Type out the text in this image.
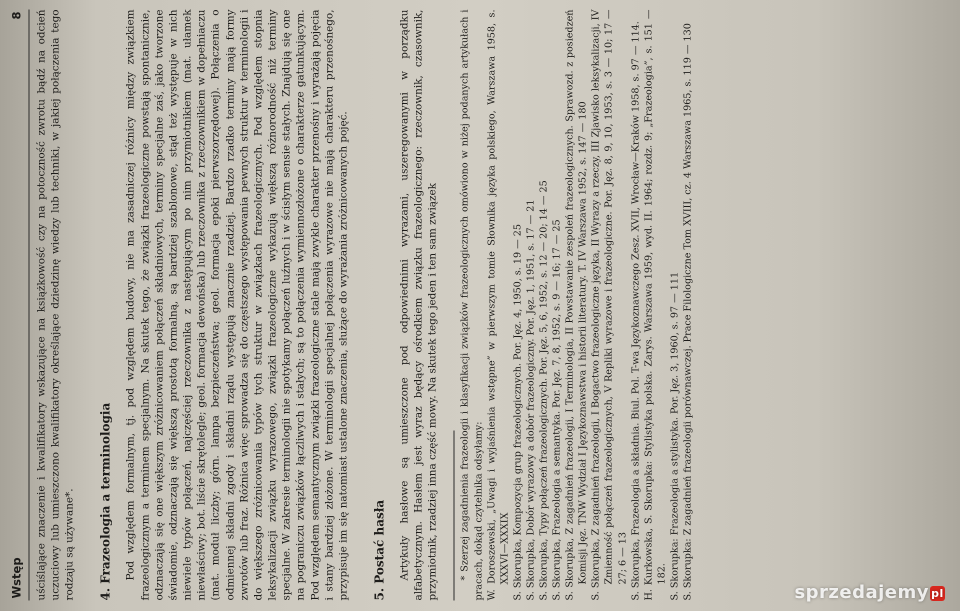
Wstęp
8 uściślające znaczenie i kwalifikatory wskazujące na książkowość czy na potoczność zwrotu bądź na odcień uczuciowy lub umieszczono kwalifikatory określające dziedzinę wiedzy lub techniki, w jakiej połączenia tego rodzaju są używane*. 4. Frazeologia a terminologia Pod względem formalnym, tj. pod względem budowy, nie ma zasadniczej różnicy między związkiem frazeologicznym a terminem specjalnym. Na skutek tego, że związki frazeologiczne powstają spontanicznie, odznaczają się one większym zróżnicowaniem połączeń składniowych, terminy specjalne zaś, jako tworzone świadomie, odznaczają się większą prostotą formalną, są bardziej szablonowe, stąd też występuje w nich niewiele typów połączeń, najczęściej rzeczownika z następującym po nim przymiotnikiem (mat. ułamek niewłaściwy; bot. liście skrętolegle; geol. formacja dewońska) lub rzeczownika z rzeczownikiem w dopełniaczu (mat. moduł liczby; górn. lampa bezpieczeństwa; geol. formacja epoki pierwszorzędowej). Połączenia o odmiennej składni zgody i składni rządu występują znacznie rzadziej. Bardzo rzadko terminy mają formy zwrotów lub fraz. Różnica więc sprowadza się do częstszego występowania pewnych struktur w terminologii i do większego zróżnicowania typów tych struktur w związkach frazeologicznych. Pod względem stopnia leksykalizacji związku wyrazowego, związki frazeologiczne wykazują większą różnorodność niż terminy specjalne. W zakresie terminologii nie spotykamy połączeń luźnych i w ścisłym sensie stałych. Znajdują się one na pograniczu związków łączliwych i stałych; są to połączenia wymiennozłożone o charakterze gatunkującym. Pod względem semantycznym związki frazeologiczne stale mają zwykle charakter przenośny i wyrażają pojęcia i stany bardziej złożone. W terminologii specjalnej połączenia wyrazowe nie mają charakteru przenośnego, przypisuje im się natomiast ustalone znaczenia, służące do wyrażania zróżnicowanych pojęć. 5. Postać hasła Artykuły hasłowe są umieszczone pod odpowiednimi wyrazami, uszeregowanymi w porządku alfabetycznym. Hasłem jest wyraz będący ośrodkiem związku frazeologicznego: rzeczownik, czasownik, przymiotnik, rzadziej inna część mowy. Na skutek tego jeden i ten sam związek * Szerzej zagadnienia frazeologii i klasyfikacji związków frazeologicznych omówiono w niżej podanych artykułach i pracach, dokąd czytelnika odsyłamy: W. Doroszewski, „Uwagi i wyjaśnienia wstępne” w pierwszym tomie Słownika języka polskiego, Warszawa 1958, s. XXXVI—XXXIX S. Skorupka, Kompozycja grup frazeologicznych. Por. Jęz. 4, 1950, s. 19 — 25 S. Skorupka, Dobór wyrazowy a dobór frazeologiczny. Por. Jęz. 1, 1951, s. 17 — 21 S. Skorupka, Typy połączeń frazeologicznych. Por. Jęz. 5, 6, 1952, s. 12 — 20; 14 — 25 S. Skorupka, Frazeologia a semantyka. Por. Jęz. 7, 8, 1952, s. 9 — 16; 17 — 25 S. Skorupka, Z zagadnień frazeologii, I Terminologia, II Powstawanie zespoleń frazeologicznych. Sprawozd. z posiedzeń Komisji Jęz. TNW Wydział I Językoznawstwa i historii literatury. T. IV Warszawa 1952, s. 147 — 180 S. Skorupka, Z zagadnień frazeologii, I Bogactwo frazeologiczne języka, II Wyrazy a rzeczy, III Zjawisko leksykalizacji, IV Zmienność połączeń frazeologicznych, V Repliki wyrazowe i frazeologiczne. Por. Jęz. 8, 9, 10, 1953, s. 3 — 10; 17 — 27; 6 — 13 S. Skorupka, Frazeologia a składnia. Biul. Pol. T-wa Językoznawczego Zesz. XVII, Wrocław—Kraków 1958, s. 97 — 114. H. Kurkowska, S. Skorupka: Stylistyka polska. Zarys. Warszawa 1959, wyd. II. 1964; rozdz. 9; „Frazeologia”, s. 151 — 182. S. Skorupka: Frazeologia a stylistyka. Por. Jęz. 3, 1960, s. 97 — 111 S. Skorupka: Z zagadnień frazeologii porównawczej. Prace Filologiczne Tom XVIII, cz. 4 Warszawa 1965, s. 119 — 130	sprzedajemy pl
